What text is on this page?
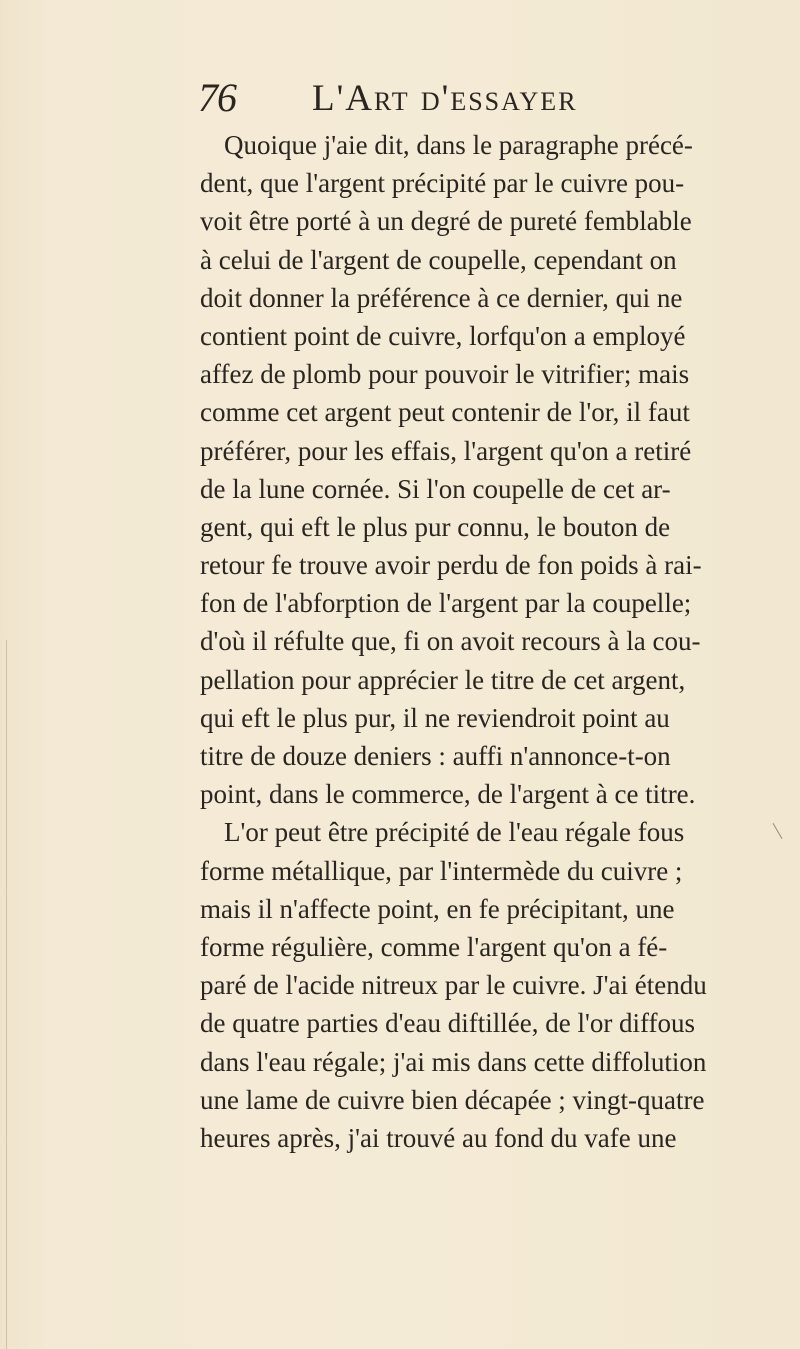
76 L'Art d'essayer
Quoique j'aie dit, dans le paragraphe précé-
dent, que l'argent précipité par le cuivre pou-
voit être porté à un degré de pureté femblable
à celui de l'argent de coupelle, cependant on
doit donner la préférence à ce dernier, qui ne
contient point de cuivre, lorfqu'on a employé
affez de plomb pour pouvoir le vitrifier; mais
comme cet argent peut contenir de l'or, il faut
préférer, pour les effais, l'argent qu'on a retiré
de la lune cornée. Si l'on coupelle de cet ar-
gent, qui eft le plus pur connu, le bouton de
retour fe trouve avoir perdu de fon poids à rai-
fon de l'abforption de l'argent par la coupelle;
d'où il réfulte que, fi on avoit recours à la cou-
pellation pour apprécier le titre de cet argent,
qui eft le plus pur, il ne reviendroit point au
titre de douze deniers : auffi n'annonce-t-on
point, dans le commerce, de l'argent à ce titre.
L'or peut être précipité de l'eau régale fous
forme métallique, par l'intermède du cuivre ;
mais il n'affecte point, en fe précipitant, une
forme régulière, comme l'argent qu'on a fé-
paré de l'acide nitreux par le cuivre. J'ai étendu
de quatre parties d'eau diftillée, de l'or diffous
dans l'eau régale; j'ai mis dans cette diffolution
une lame de cuivre bien décapée ; vingt-quatre
heures après, j'ai trouvé au fond du vafe une
